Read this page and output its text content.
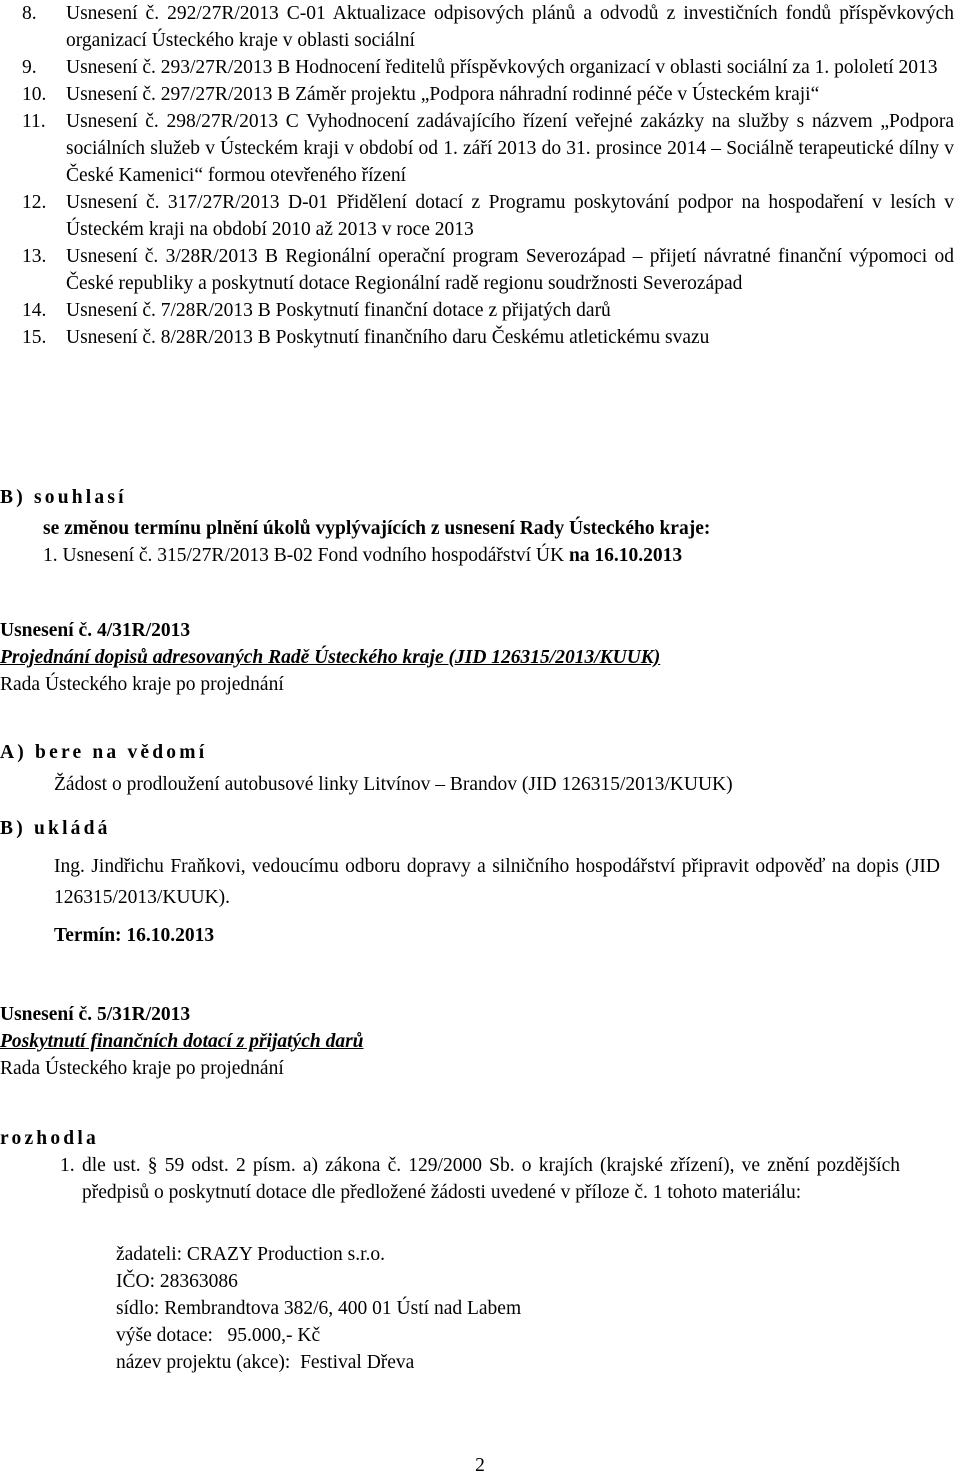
8. Usnesení č. 292/27R/2013 C-01 Aktualizace odpisových plánů a odvodů z investičních fondů příspěvkových organizací Ústeckého kraje v oblasti sociální
9. Usnesení č. 293/27R/2013 B Hodnocení ředitelů příspěvkových organizací v oblasti sociální za 1. pololetí 2013
10. Usnesení č. 297/27R/2013 B Záměr projektu „Podpora náhradní rodinné péče v Ústeckém kraji“
11. Usnesení č. 298/27R/2013 C Vyhodnocení zadávajícího řízení veřejné zakázky na služby s názvem „Podpora sociálních služeb v Ústeckém kraji v období od 1. září 2013 do 31. prosince 2014 – Sociálně terapeutické dílny v České Kamenici“ formou otevřeného řízení
12. Usnesení č. 317/27R/2013 D-01 Přidělení dotací z Programu poskytování podpor na hospodaření v lesích v Ústeckém kraji na období 2010 až 2013 v roce 2013
13. Usnesení č. 3/28R/2013 B Regionální operační program Severozápad – přijetí návratné finanční výpomoci od České republiky a poskytnutí dotace Regionální radě regionu soudržnosti Severozápad
14. Usnesení č. 7/28R/2013 B Poskytnutí finanční dotace z přijatých darů
15. Usnesení č. 8/28R/2013 B Poskytnutí finančního daru Českému atletickému svazu
B) souhlasí
se změnou termínu plnění úkolů vyplývajících z usnesení Rady Ústeckého kraje:
1. Usnesení č. 315/27R/2013 B-02 Fond vodního hospodářství ÚK na 16.10.2013
Usnesení č. 4/31R/2013
Projednání dopisů adresovaných Radě Ústeckého kraje (JID 126315/2013/KUUK)
Rada Ústeckého kraje po projednání
A) bere na vědomí
Žádost o prodloužení autobusové linky Litvínov – Brandov (JID 126315/2013/KUUK)
B) ukládá
Ing. Jindřichu Fraňkovi, vedoucímu odboru dopravy a silničního hospodářství připravit odpověď na dopis (JID 126315/2013/KUUK).
Termín: 16.10.2013
Usnesení č. 5/31R/2013
Poskytnutí finančních dotací z přijatých darů
Rada Ústeckého kraje po projednání
rozhodla
1. dle ust. § 59 odst. 2 písm. a) zákona č. 129/2000 Sb. o krajích (krajské zřízení), ve znění pozdějších předpisů o poskytnutí dotace dle předložené žádosti uvedené v příloze č. 1 tohoto materiálu:
žadateli: CRAZY Production s.r.o.
IČO: 28363086
sídlo: Rembrandtova 382/6, 400 01 Ústí nad Labem
výše dotace:   95.000,- Kč
název projektu (akce):  Festival Dřeva
2
